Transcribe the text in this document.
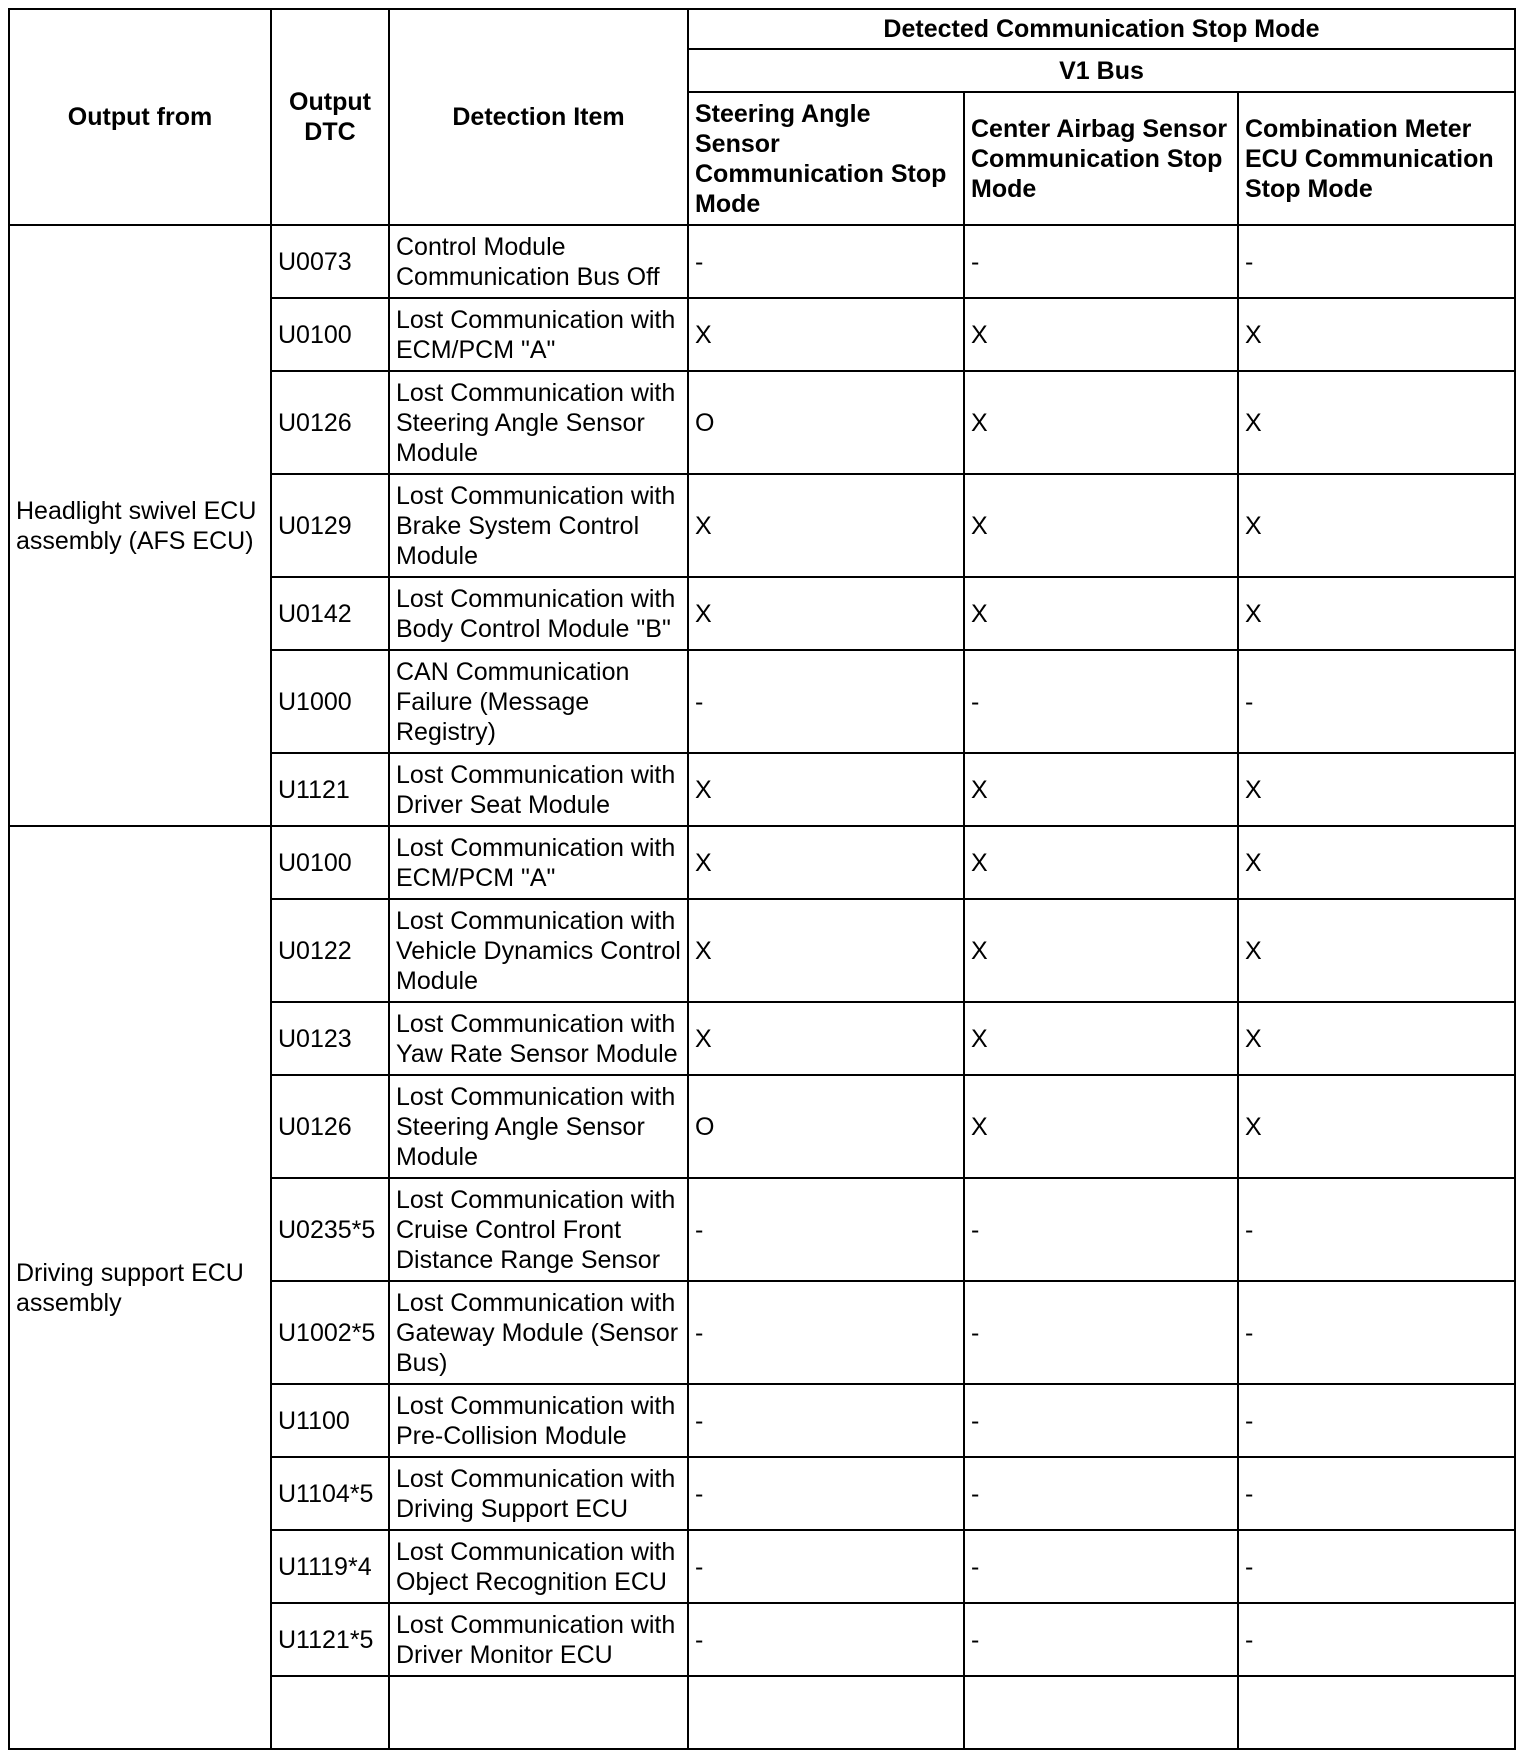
Output from	Output DTC	Detection Item	Detected Communication Stop Mode		
			V1 Bus		
			Steering Angle Sensor Communication Stop Mode	Center Airbag Sensor Communication Stop Mode	Combination Meter ECU Communication Stop Mode
Headlight swivel ECU assembly (AFS ECU)	U0073	Control Module Communication Bus Off	-	-	-
	U0100	Lost Communication with ECM/PCM "A"	X	X	X
	U0126	Lost Communication with Steering Angle Sensor Module	O	X	X
	U0129	Lost Communication with Brake System Control Module	X	X	X
	U0142	Lost Communication with Body Control Module "B"	X	X	X
	U1000	CAN Communication Failure (Message Registry)	-	-	-
	U1121	Lost Communication with Driver Seat Module	X	X	X
Driving support ECU assembly	U0100	Lost Communication with ECM/PCM "A"	X	X	X
	U0122	Lost Communication with Vehicle Dynamics Control Module	X	X	X
	U0123	Lost Communication with Yaw Rate Sensor Module	X	X	X
	U0126	Lost Communication with Steering Angle Sensor Module	O	X	X
	U0235*5	Lost Communication with Cruise Control Front Distance Range Sensor	-	-	-
	U1002*5	Lost Communication with Gateway Module (Sensor Bus)	-	-	-
	U1100	Lost Communication with Pre-Collision Module	-	-	-
	U1104*5	Lost Communication with Driving Support ECU	-	-	-
	U1119*4	Lost Communication with Object Recognition ECU	-	-	-
	U1121*5	Lost Communication with Driver Monitor ECU	-	-	-
